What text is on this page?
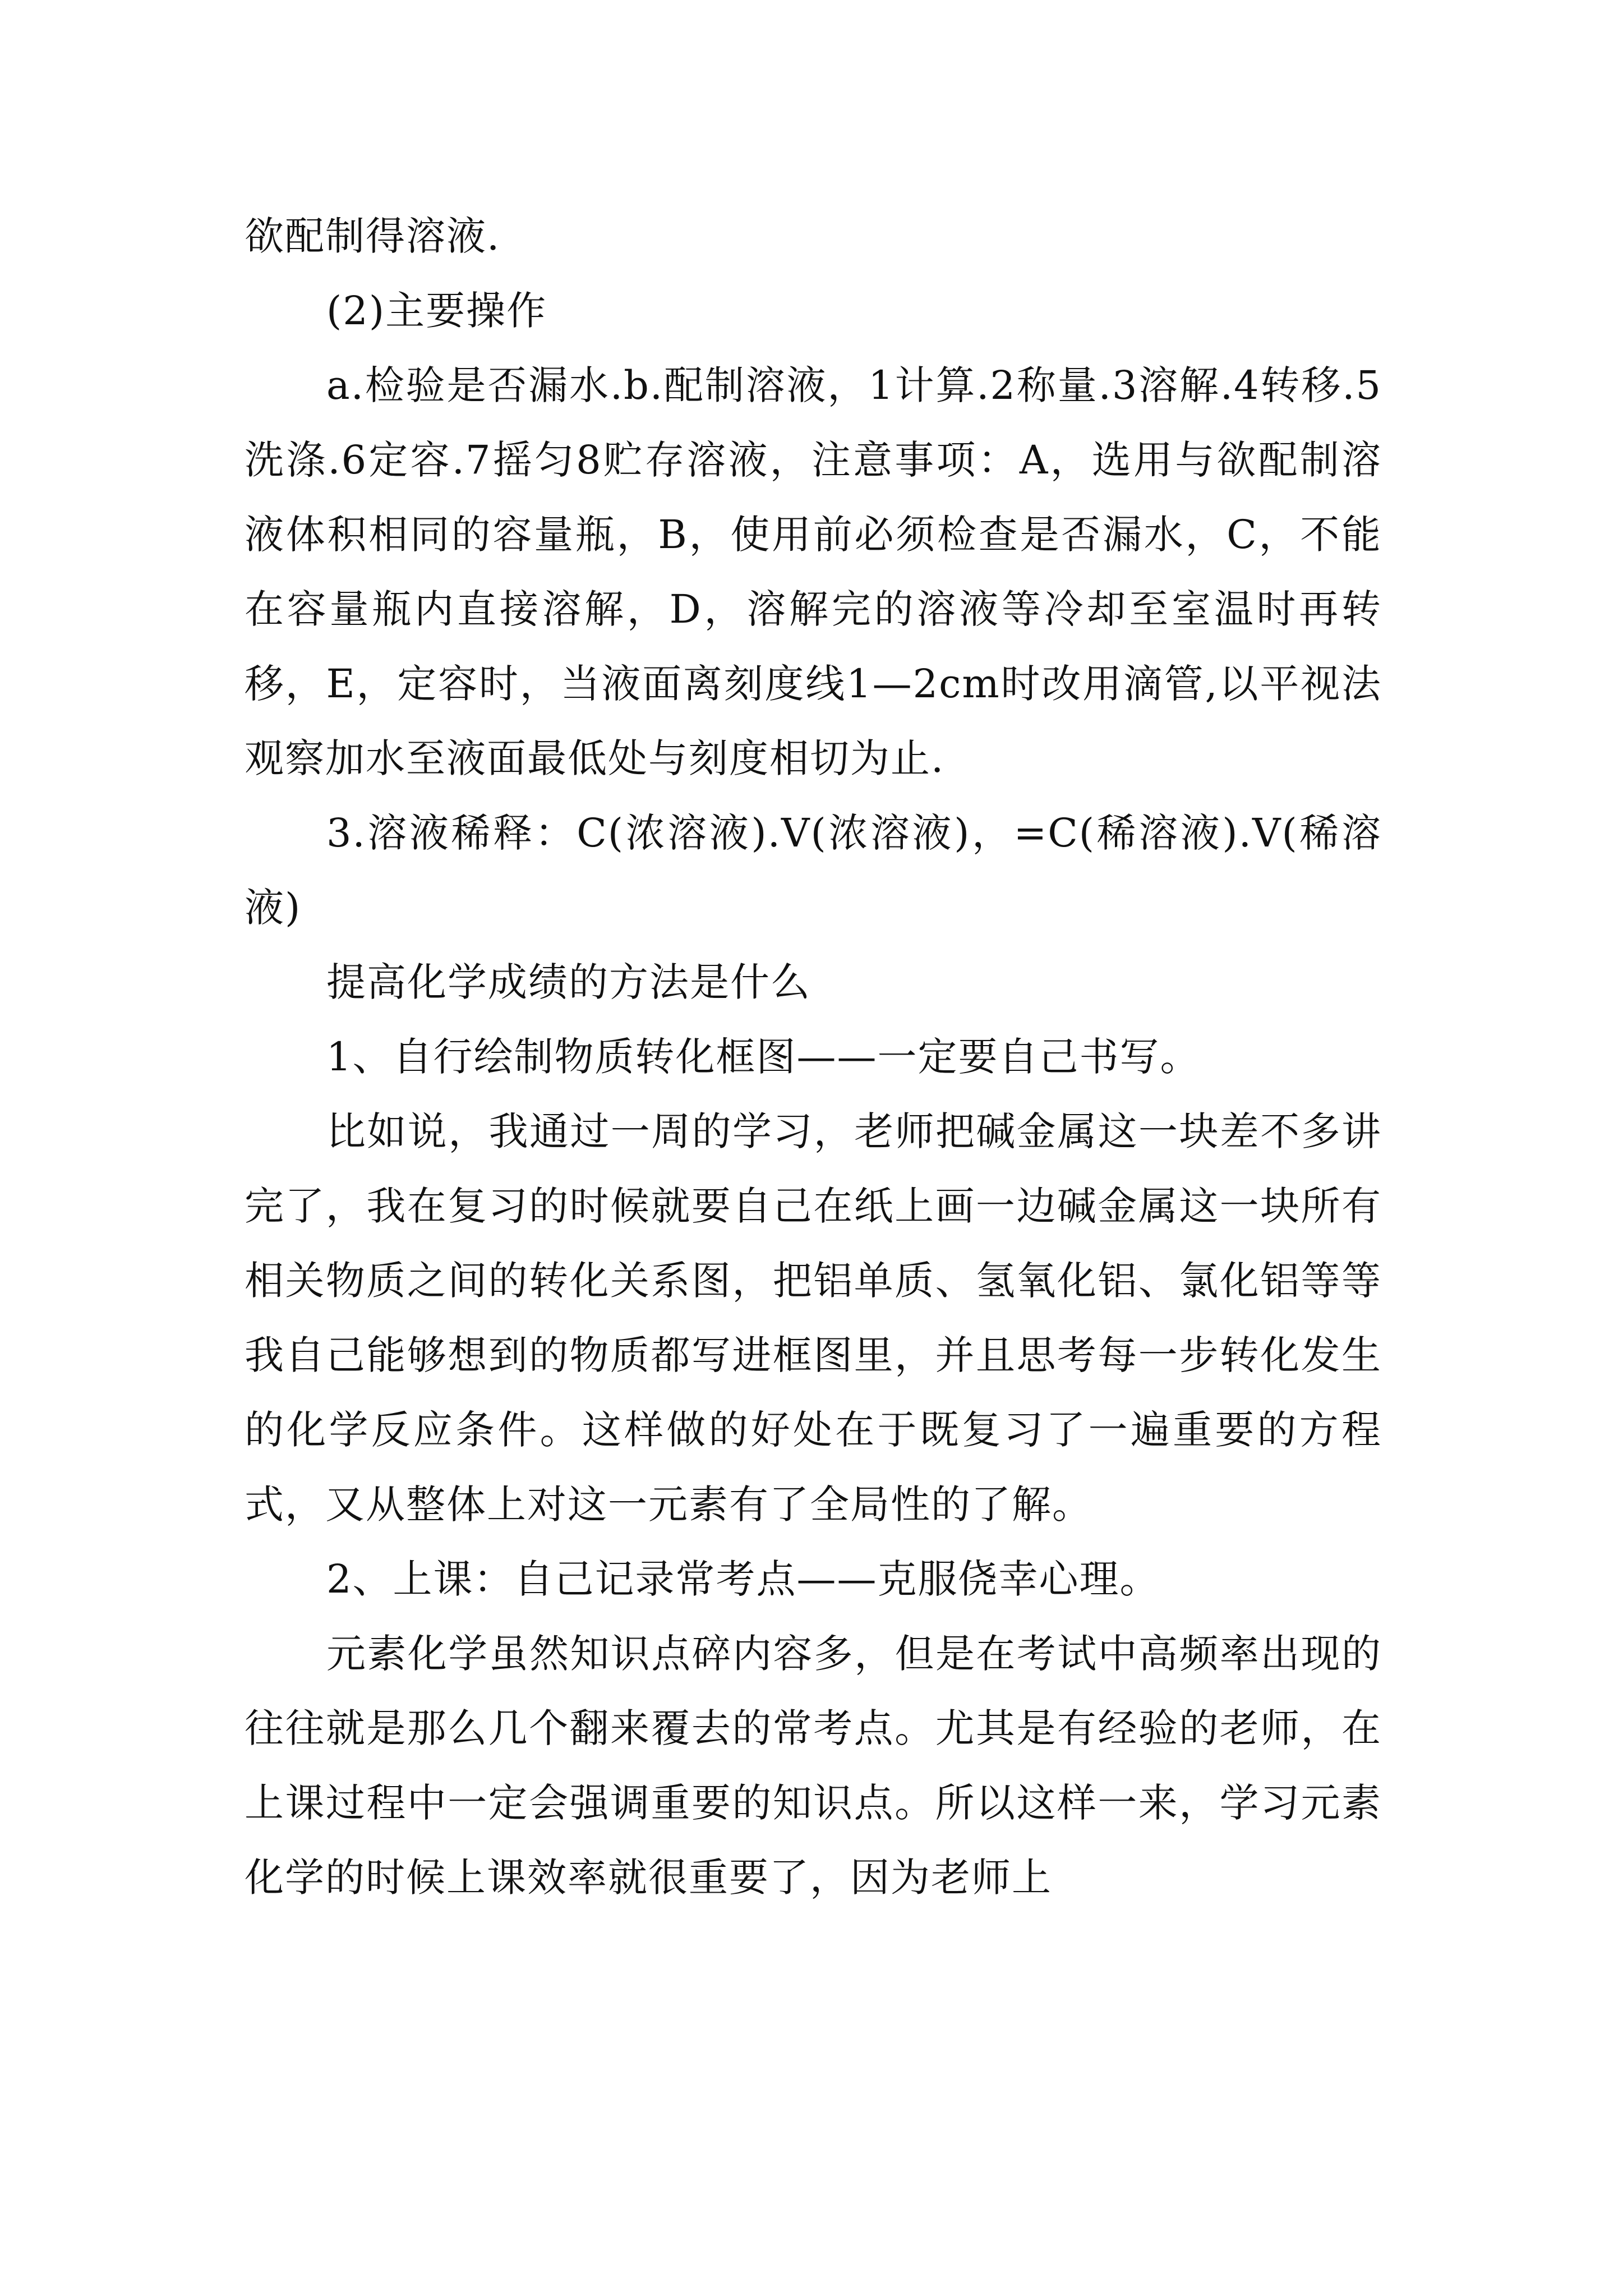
欲配制得溶液.

(2)主要操作

a.检验是否漏水.b.配制溶液，1计算.2称量.3溶解.4转移.5洗涤.6定容.7摇匀8贮存溶液，注意事项：A，选用与欲配制溶液体积相同的容量瓶，B，使用前必须检查是否漏水，C，不能在容量瓶内直接溶解，D，溶解完的溶液等冷却至室温时再转移，E，定容时，当液面离刻度线1—2cm时改用滴管,以平视法观察加水至液面最低处与刻度相切为止.

3.溶液稀释：C(浓溶液).V(浓溶液)，=C(稀溶液).V(稀溶液)

提高化学成绩的方法是什么

1、自行绘制物质转化框图——一定要自己书写。

比如说，我通过一周的学习，老师把碱金属这一块差不多讲完了，我在复习的时候就要自己在纸上画一边碱金属这一块所有相关物质之间的转化关系图，把铝单质、氢氧化铝、氯化铝等等我自己能够想到的物质都写进框图里，并且思考每一步转化发生的化学反应条件。这样做的好处在于既复习了一遍重要的方程式，又从整体上对这一元素有了全局性的了解。

2、上课：自己记录常考点——克服侥幸心理。

元素化学虽然知识点碎内容多，但是在考试中高频率出现的往往就是那么几个翻来覆去的常考点。尤其是有经验的老师，在上课过程中一定会强调重要的知识点。所以这样一来，学习元素化学的时候上课效率就很重要了，因为老师上
